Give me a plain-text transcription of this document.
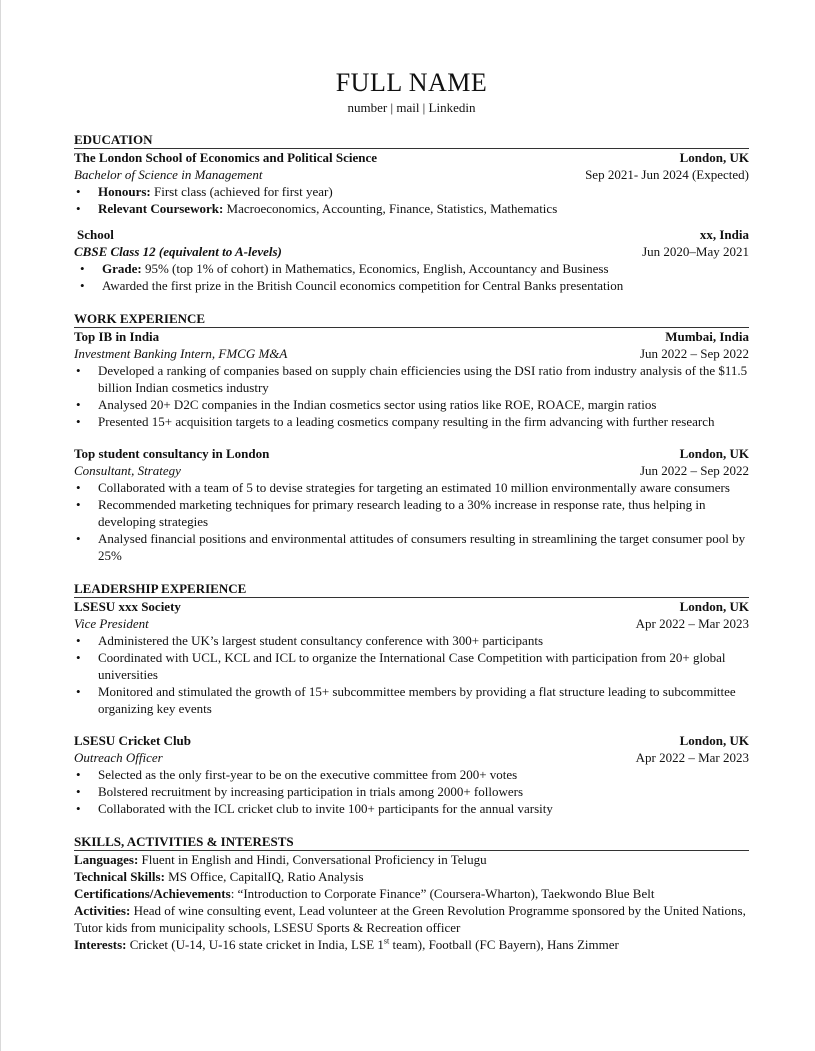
FULL NAME
number | mail | Linkedin
EDUCATION
The London School of Economics and Political Science	London, UK
Bachelor of Science in Management	Sep 2021- Jun 2024 (Expected)
• Honours: First class (achieved for first year)
• Relevant Coursework: Macroeconomics, Accounting, Finance, Statistics, Mathematics
School	xx, India
CBSE Class 12 (equivalent to A-levels)	Jun 2020–May 2021
• Grade: 95% (top 1% of cohort) in Mathematics, Economics, English, Accountancy and Business
• Awarded the first prize in the British Council economics competition for Central Banks presentation
WORK EXPERIENCE
Top IB in India	Mumbai, India
Investment Banking Intern, FMCG M&A	Jun 2022 – Sep 2022
• Developed a ranking of companies based on supply chain efficiencies using the DSI ratio from industry analysis of the $11.5 billion Indian cosmetics industry
• Analysed 20+ D2C companies in the Indian cosmetics sector using ratios like ROE, ROACE, margin ratios
• Presented 15+ acquisition targets to a leading cosmetics company resulting in the firm advancing with further research
Top student consultancy in London	London, UK
Consultant, Strategy	Jun 2022 – Sep 2022
• Collaborated with a team of 5 to devise strategies for targeting an estimated 10 million environmentally aware consumers
• Recommended marketing techniques for primary research leading to a 30% increase in response rate, thus helping in developing strategies
• Analysed financial positions and environmental attitudes of consumers resulting in streamlining the target consumer pool by 25%
LEADERSHIP EXPERIENCE
LSESU xxx Society	London, UK
Vice President	Apr 2022 – Mar 2023
• Administered the UK’s largest student consultancy conference with 300+ participants
• Coordinated with UCL, KCL and ICL to organize the International Case Competition with participation from 20+ global universities
• Monitored and stimulated the growth of 15+ subcommittee members by providing a flat structure leading to subcommittee organizing key events
LSESU Cricket Club	London, UK
Outreach Officer	Apr 2022 – Mar 2023
• Selected as the only first-year to be on the executive committee from 200+ votes
• Bolstered recruitment by increasing participation in trials among 2000+ followers
• Collaborated with the ICL cricket club to invite 100+ participants for the annual varsity
SKILLS, ACTIVITIES & INTERESTS
Languages: Fluent in English and Hindi, Conversational Proficiency in Telugu
Technical Skills: MS Office, CapitalIQ, Ratio Analysis
Certifications/Achievements: “Introduction to Corporate Finance” (Coursera-Wharton), Taekwondo Blue Belt
Activities: Head of wine consulting event, Lead volunteer at the Green Revolution Programme sponsored by the United Nations, Tutor kids from municipality schools, LSESU Sports & Recreation officer
Interests: Cricket (U-14, U-16 state cricket in India, LSE 1st team), Football (FC Bayern), Hans Zimmer
